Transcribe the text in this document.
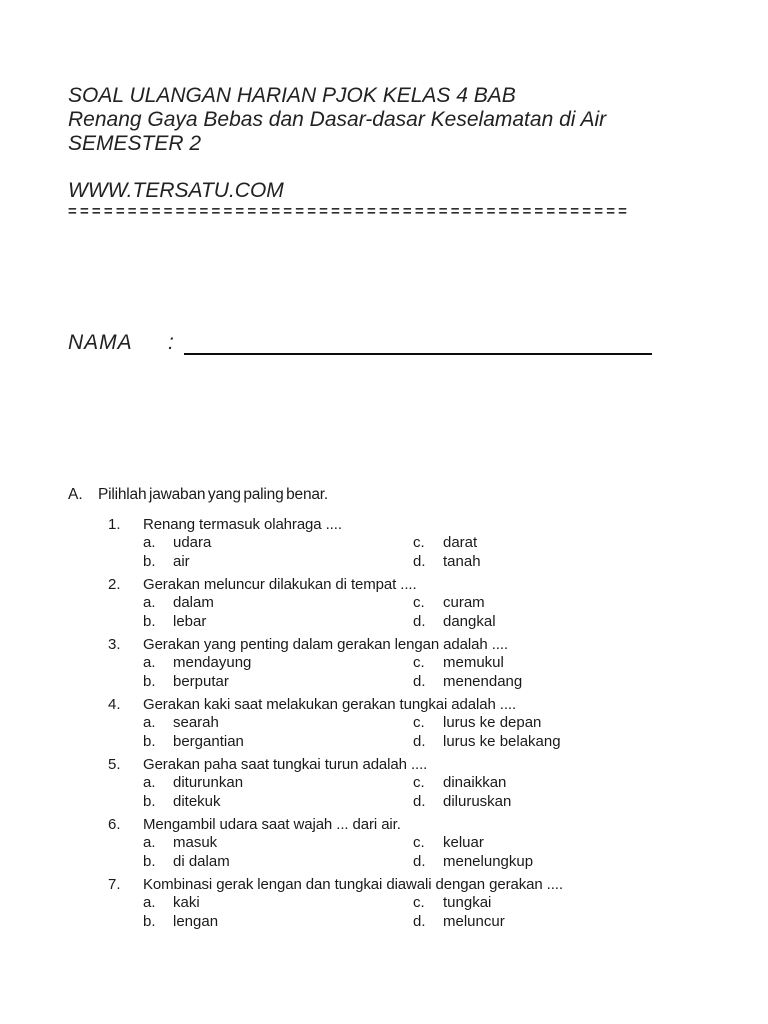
SOAL ULANGAN HARIAN PJOK KELAS 4 BAB
Renang Gaya Bebas dan Dasar-dasar Keselamatan di Air
SEMESTER 2
WWW.TERSATU.COM
===============================================
NAMA	:
A. Pilihlah jawaban yang paling benar.
1.	Renang termasuk olahraga ....
a.	udara	c.	darat
b.	air	d.	tanah
2.	Gerakan meluncur dilakukan di tempat ....
a.	dalam	c.	curam
b.	lebar	d.	dangkal
3.	Gerakan yang penting dalam gerakan lengan adalah ....
a.	mendayung	c.	memukul
b.	berputar	d.	menendang
4.	Gerakan kaki saat melakukan gerakan tungkai adalah ....
a.	searah	c.	lurus ke depan
b.	bergantian	d.	lurus ke belakang
5.	Gerakan paha saat tungkai turun adalah ....
a.	diturunkan	c.	dinaikkan
b.	ditekuk	d.	diluruskan
6.	Mengambil udara saat wajah ... dari air.
a.	masuk	c.	keluar
b.	di dalam	d.	menelungkup
7.	Kombinasi gerak lengan dan tungkai diawali dengan gerakan ....
a.	kaki	c.	tungkai
b.	lengan	d.	meluncur
